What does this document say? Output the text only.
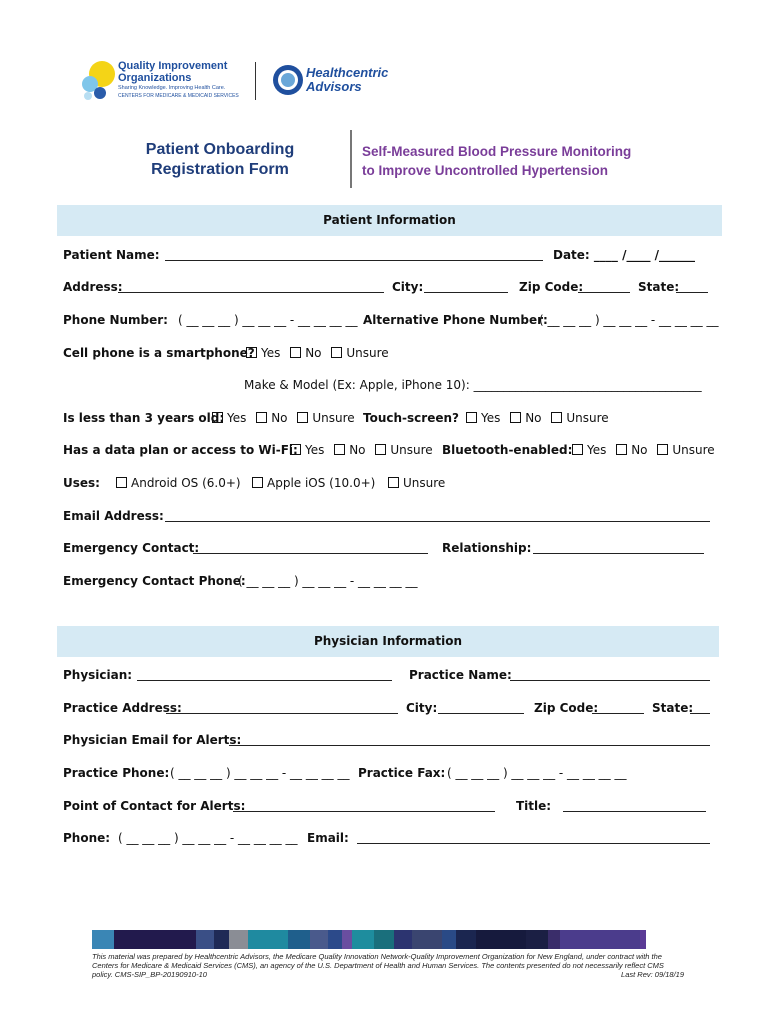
Quality Improvement
Organizations
Sharing Knowledge. Improving Health Care.
CENTERS FOR MEDICARE & MEDICAID SERVICES
Healthcentric
Advisors
Patient Onboarding
Registration Form
Self-Measured Blood Pressure Monitoring
to Improve Uncontrolled Hypertension
Patient Information
Patient Name:	Date: ____ /____ /______
Address:	City:	Zip Code:	State:
Phone Number: ( __ __ __ ) __ __ __ - __ __ __ __ Alternative Phone Number:
( __ __ __ ) __ __ __ - __ __ __ __
Cell phone is a smartphone? Yes No Unsure
Make & Model (Ex: Apple, iPhone 10): ______________________________________
Is less than 3 years old: Yes No Unsure Touch-screen?	Yes No Unsure
Has a data plan or access to Wi-Fi: Yes No Unsure Bluetooth-enabled:	Yes No Unsure
Uses:	Android OS (6.0+)	Apple iOS (10.0+)	Unsure
Email Address:
Emergency Contact:	Relationship:
Emergency Contact Phone:
( __ __ __ ) __ __ __ - __ __ __ __
Physician Information
Physician:	Practice Name:
Practice Address:	City:	Zip Code:	State:
Physician Email for Alerts:
Practice Phone: ( __ __ __ ) __ __ __ - __ __ __ __ Practice Fax: ( __ __ __ ) __ __ __ - __ __ __ __
Point of Contact for Alerts:	Title:
Phone: ( __ __ __ ) __ __ __ - __ __ __ __ Email:
This material was prepared by Healthcentric Advisors, the Medicare Quality Innovation Network-Quality Improvement Organization for New England, under contract with the
Centers for Medicare & Medicaid Services (CMS), an agency of the U.S. Department of Health and Human Services. The contents presented do not necessarily reflect CMS
policy. CMS-SIP_BP-20190910-10	Last Rev: 09/18/19
